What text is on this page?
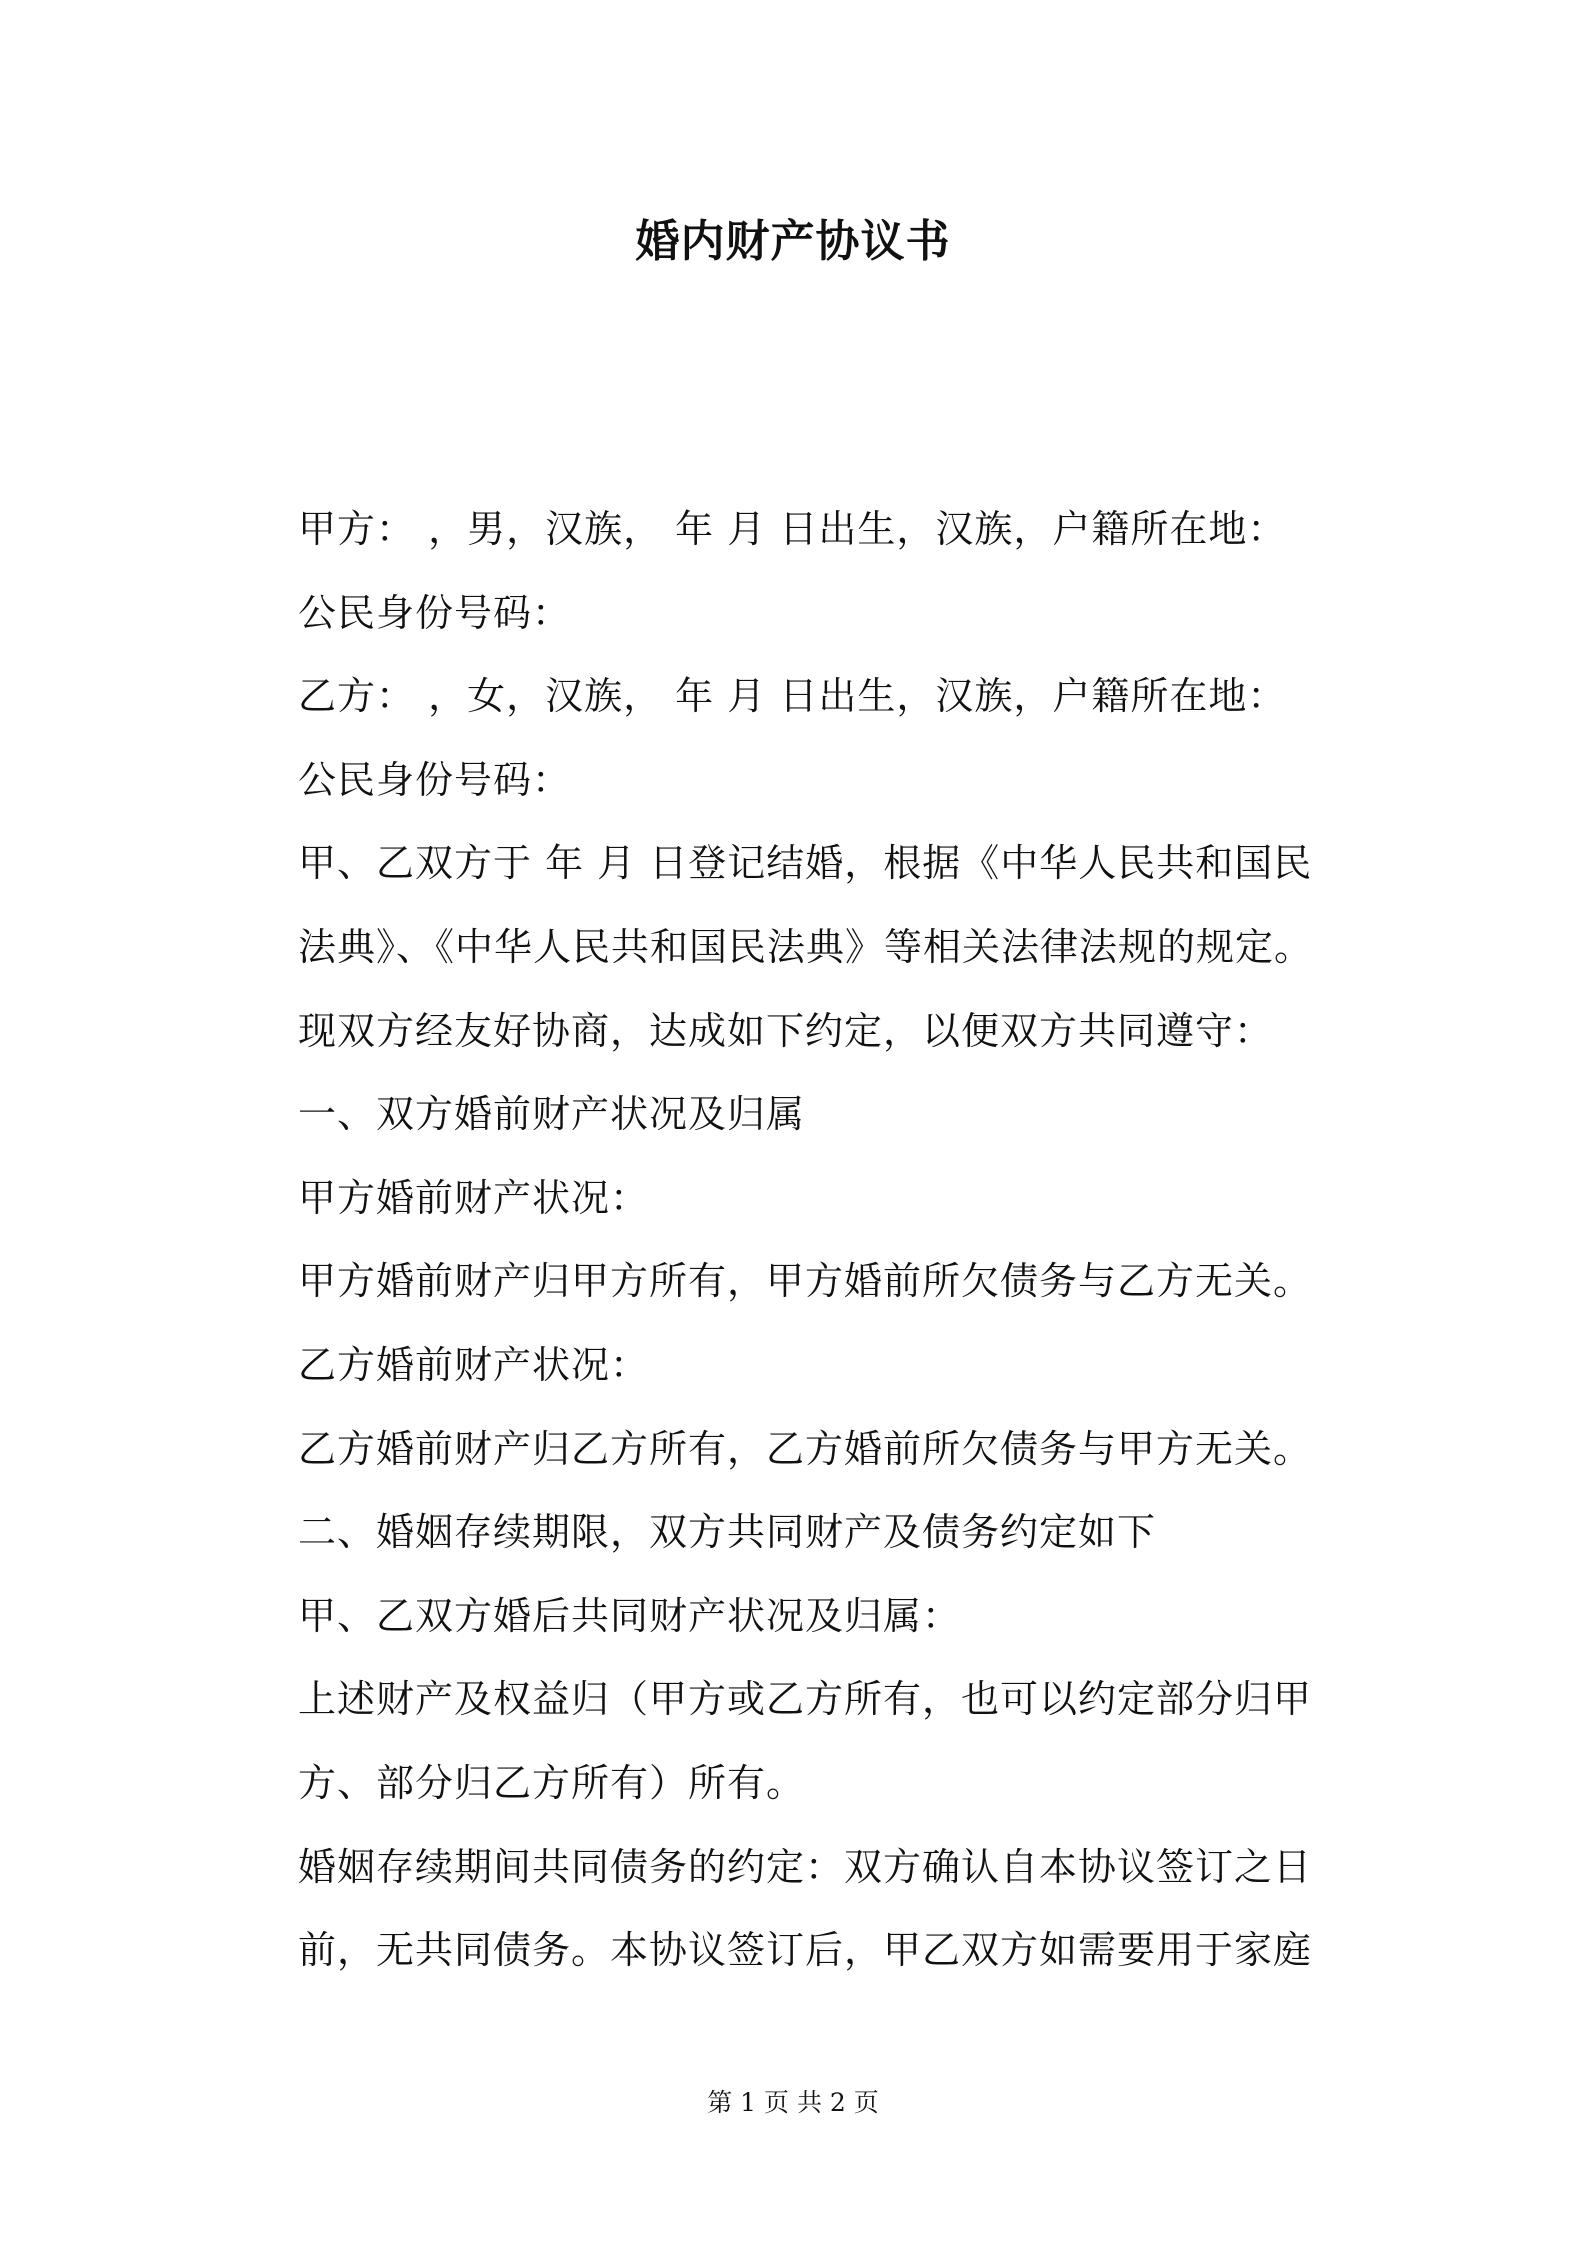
婚内财产协议书
甲方： ，男，汉族， 年 月 日出生，汉族，户籍所在地：
公民身份号码：
乙方： ，女，汉族， 年 月 日出生，汉族，户籍所在地：
公民身份号码：
甲、乙双方于 年 月 日登记结婚，根据《中华人民共和国民
法典》、《中华人民共和国民法典》等相关法律法规的规定。
现双方经友好协商，达成如下约定，以便双方共同遵守：
一、双方婚前财产状况及归属
甲方婚前财产状况：
甲方婚前财产归甲方所有，甲方婚前所欠债务与乙方无关。
乙方婚前财产状况：
乙方婚前财产归乙方所有，乙方婚前所欠债务与甲方无关。
二、婚姻存续期限，双方共同财产及债务约定如下
甲、乙双方婚后共同财产状况及归属：
上述财产及权益归（甲方或乙方所有，也可以约定部分归甲
方、部分归乙方所有）所有。
婚姻存续期间共同债务的约定：双方确认自本协议签订之日
前，无共同债务。本协议签订后，甲乙双方如需要用于家庭
第 1 页 共 2 页
